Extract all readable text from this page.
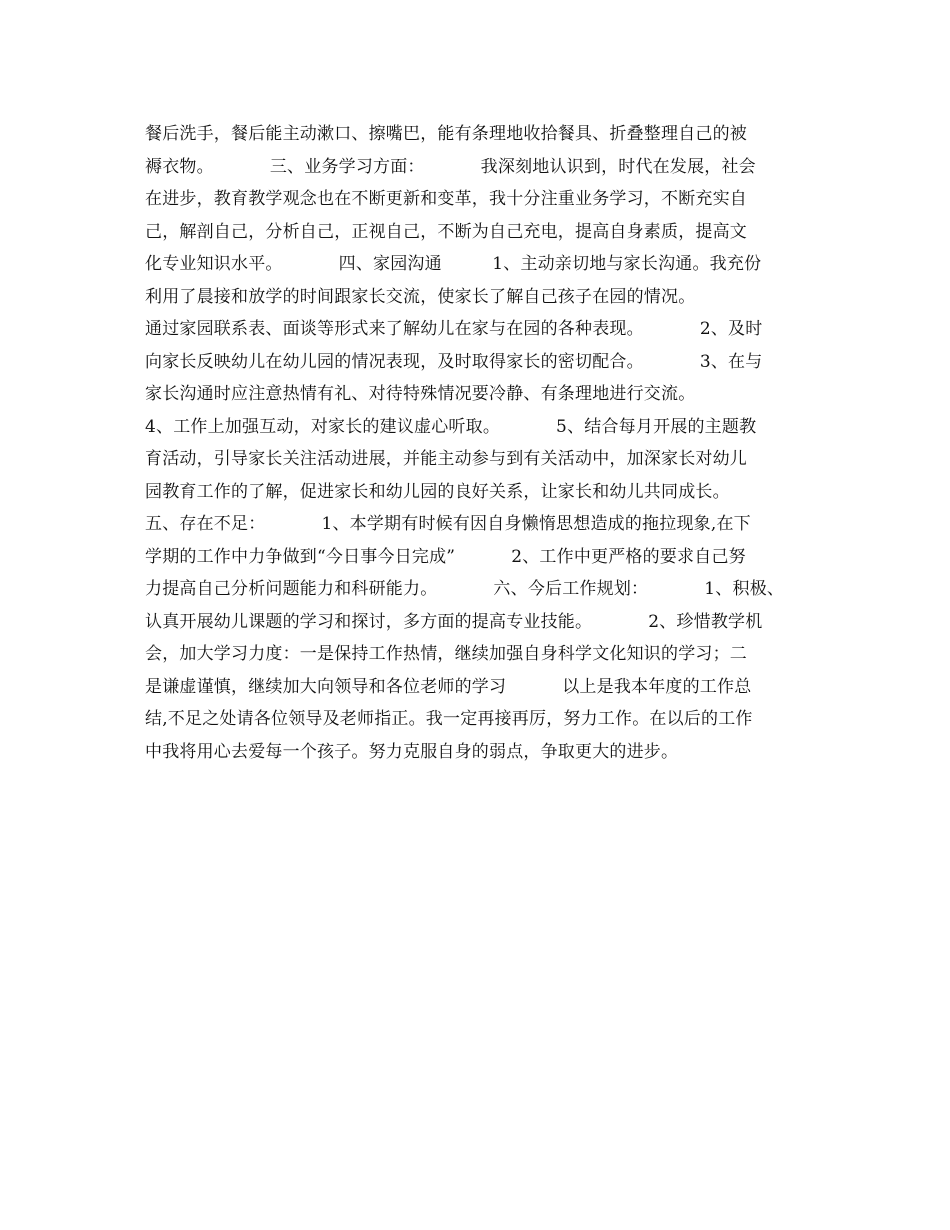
餐后洗手，餐后能主动漱口、擦嘴巴，能有条理地收拾餐具、折叠整理自己的被
褥衣物。          三、业务学习方面：          我深刻地认识到，时代在发展，社会
在进步，教育教学观念也在不断更新和变革，我十分注重业务学习，不断充实自
己，解剖自己，分析自己，正视自己，不断为自己充电，提高自身素质，提高文
化专业知识水平。          四、家园沟通         1、主动亲切地与家长沟通。我充份
利用了晨接和放学的时间跟家长交流，使家长了解自己孩子在园的情况。
通过家园联系表、面谈等形式来了解幼儿在家与在园的各种表现。          2、及时
向家长反映幼儿在幼儿园的情况表现，及时取得家长的密切配合。          3、在与
家长沟通时应注意热情有礼、对待特殊情况要冷静、有条理地进行交流。
4、工作上加强互动，对家长的建议虚心听取。          5、结合每月开展的主题教
育活动，引导家长关注活动进展，并能主动参与到有关活动中，加深家长对幼儿
园教育工作的了解，促进家长和幼儿园的良好关系，让家长和幼儿共同成长。
五、存在不足：          1、本学期有时候有因自身懒惰思想造成的拖拉现象,在下
学期的工作中力争做到“今日事今日完成”          2、工作中更严格的要求自己努
力提高自己分析问题能力和科研能力。          六、今后工作规划：          1、积极、
认真开展幼儿课题的学习和探讨，多方面的提高专业技能。          2、珍惜教学机
会，加大学习力度：一是保持工作热情，继续加强自身科学文化知识的学习；二
是谦虚谨慎，继续加大向领导和各位老师的学习          以上是我本年度的工作总
结,不足之处请各位领导及老师指正。我一定再接再厉，努力工作。在以后的工作
中我将用心去爱每一个孩子。努力克服自身的弱点，争取更大的进步。
